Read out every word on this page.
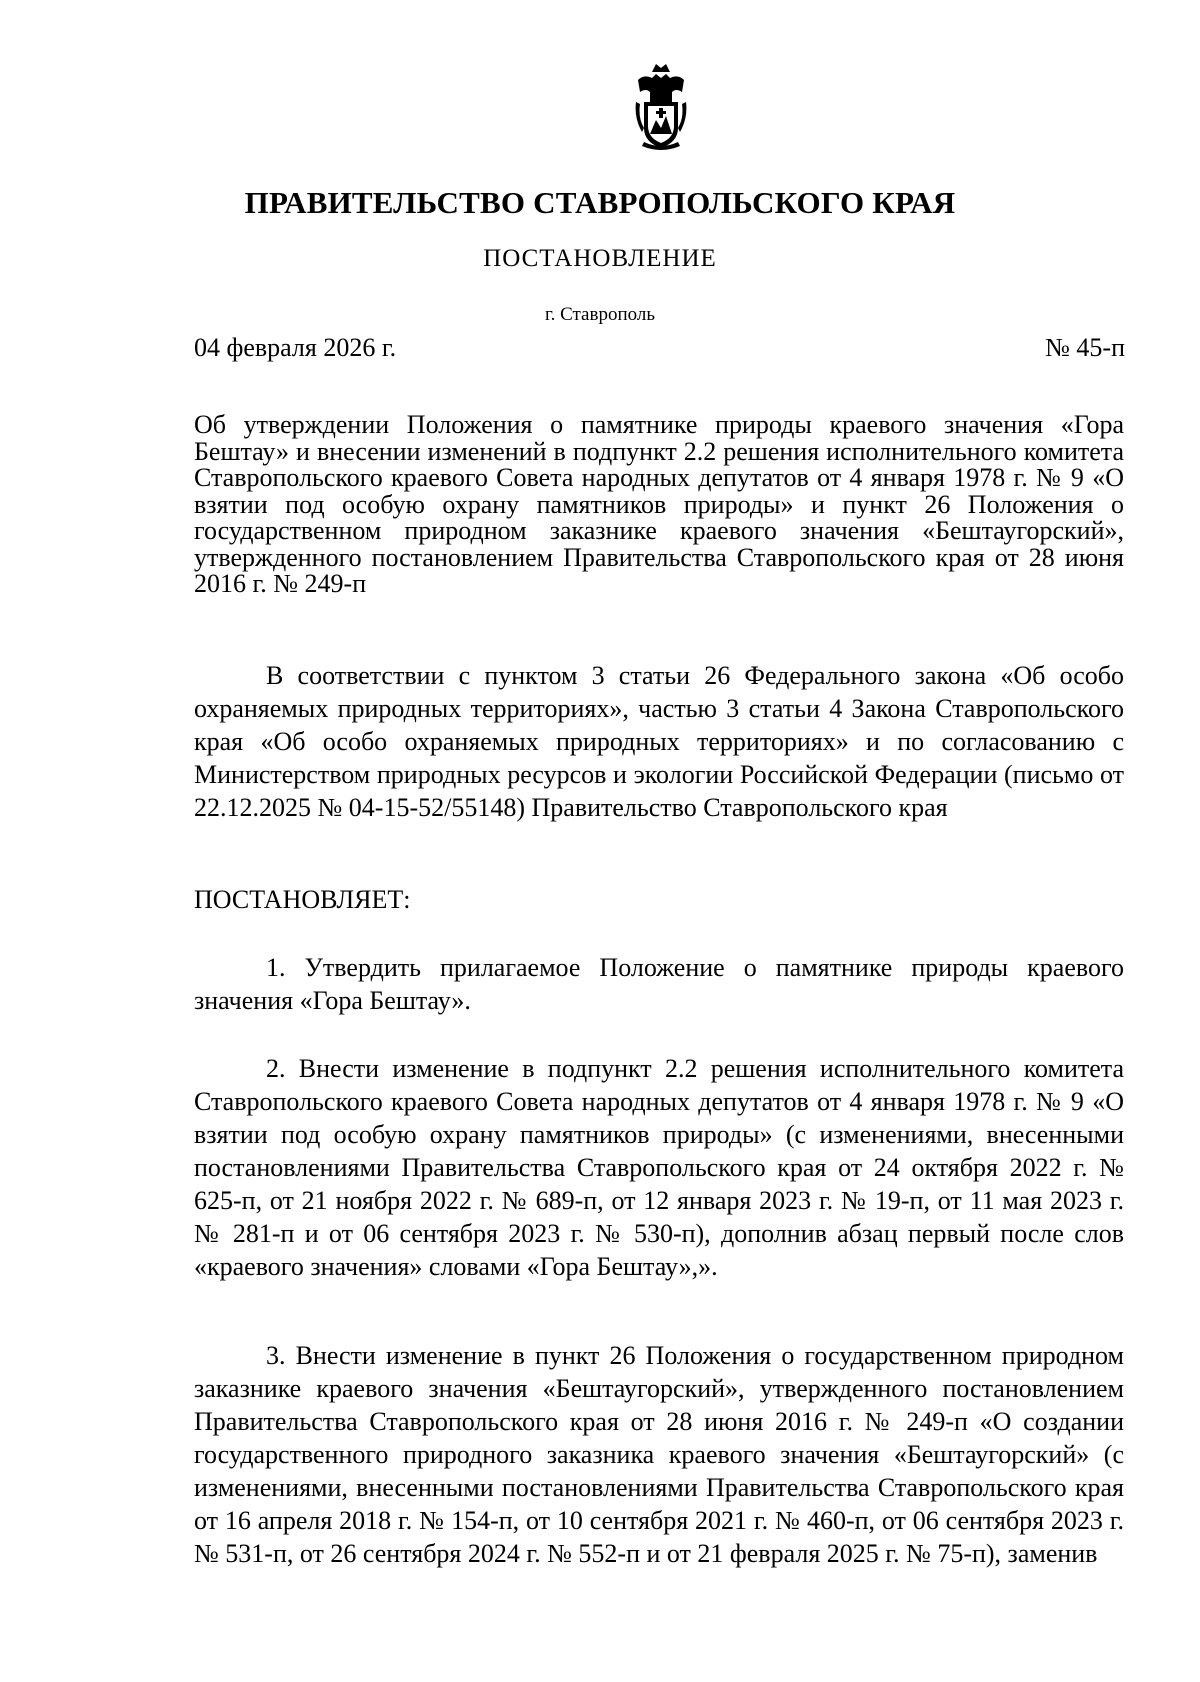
ПРАВИТЕЛЬСТВО СТАВРОПОЛЬСКОГО КРАЯ
ПОСТАНОВЛЕНИЕ
г. Ставрополь
04 февраля 2026 г.	№ 45-п
Об утверждении Положения о памятнике природы краевого значения «Гора Бештау» и внесении изменений в подпункт 2.2 решения исполнительного комитета Ставропольского краевого Совета народных депутатов от 4 января 1978 г. № 9 «О взятии под особую охрану памятников природы» и пункт 26 Положения о государственном природном заказнике краевого значения «Бештаугорский», утвержденного постановлением Правительства Ставропольского края от 28 июня 2016 г. № 249-п

В соответствии с пунктом 3 статьи 26 Федерального закона «Об особо охраняемых природных территориях», частью 3 статьи 4 Закона Ставропольского края «Об особо охраняемых природных территориях» и по согласованию с Министерством природных ресурсов и экологии Российской Федерации (письмо от 22.12.2025 № 04-15-52/55148) Правительство Ставропольского края

ПОСТАНОВЛЯЕТ:

1. Утвердить прилагаемое Положение о памятнике природы краевого значения «Гора Бештау».

2. Внести изменение в подпункт 2.2 решения исполнительного комитета Ставропольского краевого Совета народных депутатов от 4 января 1978 г. № 9 «О взятии под особую охрану памятников природы» (с изменениями, внесенными постановлениями Правительства Ставропольского края от 24 октября 2022 г. № 625-п, от 21 ноября 2022 г. № 689-п, от 12 января 2023 г. № 19-п, от 11 мая 2023 г. № 281-п и от 06 сентября 2023 г. № 530-п), дополнив абзац первый после слов «краевого значения» словами «Гора Бештау»,».

3. Внести изменение в пункт 26 Положения о государственном природном заказнике краевого значения «Бештаугорский», утвержденного постановлением Правительства Ставропольского края от 28 июня 2016 г. № 249-п «О создании государственного природного заказника краевого значения «Бештаугорский» (с изменениями, внесенными постановлениями Правительства Ставропольского края от 16 апреля 2018 г. № 154-п, от 10 сентября 2021 г. № 460-п, от 06 сентября 2023 г. № 531-п, от 26 сентября 2024 г. № 552-п и от 21 февраля 2025 г. № 75-п), заменив
